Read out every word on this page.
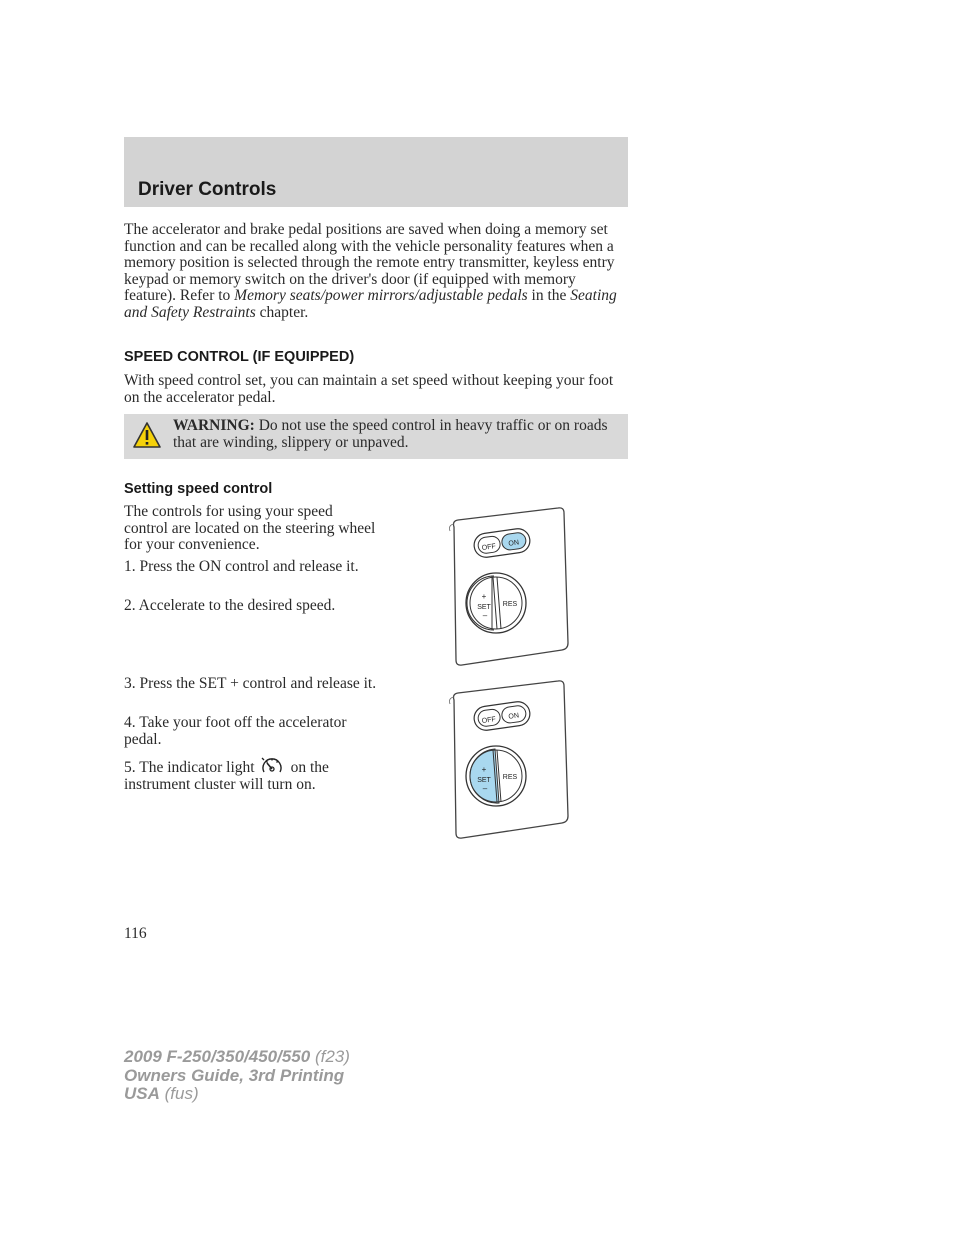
Driver Controls

The accelerator and brake pedal positions are saved when doing a memory set function and can be recalled along with the vehicle personality features when a memory position is selected through the remote entry transmitter, keyless entry keypad or memory switch on the driver's door (if equipped with memory feature). Refer to Memory seats/power mirrors/adjustable pedals in the Seating and Safety Restraints chapter.

SPEED CONTROL (IF EQUIPPED)

With speed control set, you can maintain a set speed without keeping your foot on the accelerator pedal.

WARNING: Do not use the speed control in heavy traffic or on roads that are winding, slippery or unpaved.

Setting speed control

The controls for using your speed control are located on the steering wheel for your convenience.

1. Press the ON control and release it.

2. Accelerate to the desired speed.

3. Press the SET + control and release it.

4. Take your foot off the accelerator pedal.

5. The indicator light on the instrument cluster will turn on.

OFF ON
+
SET
–
RES
OFF ON
+
SET
–
RES

116

2009 F-250/350/450/550 (f23)
Owners Guide, 3rd Printing
USA (fus)
